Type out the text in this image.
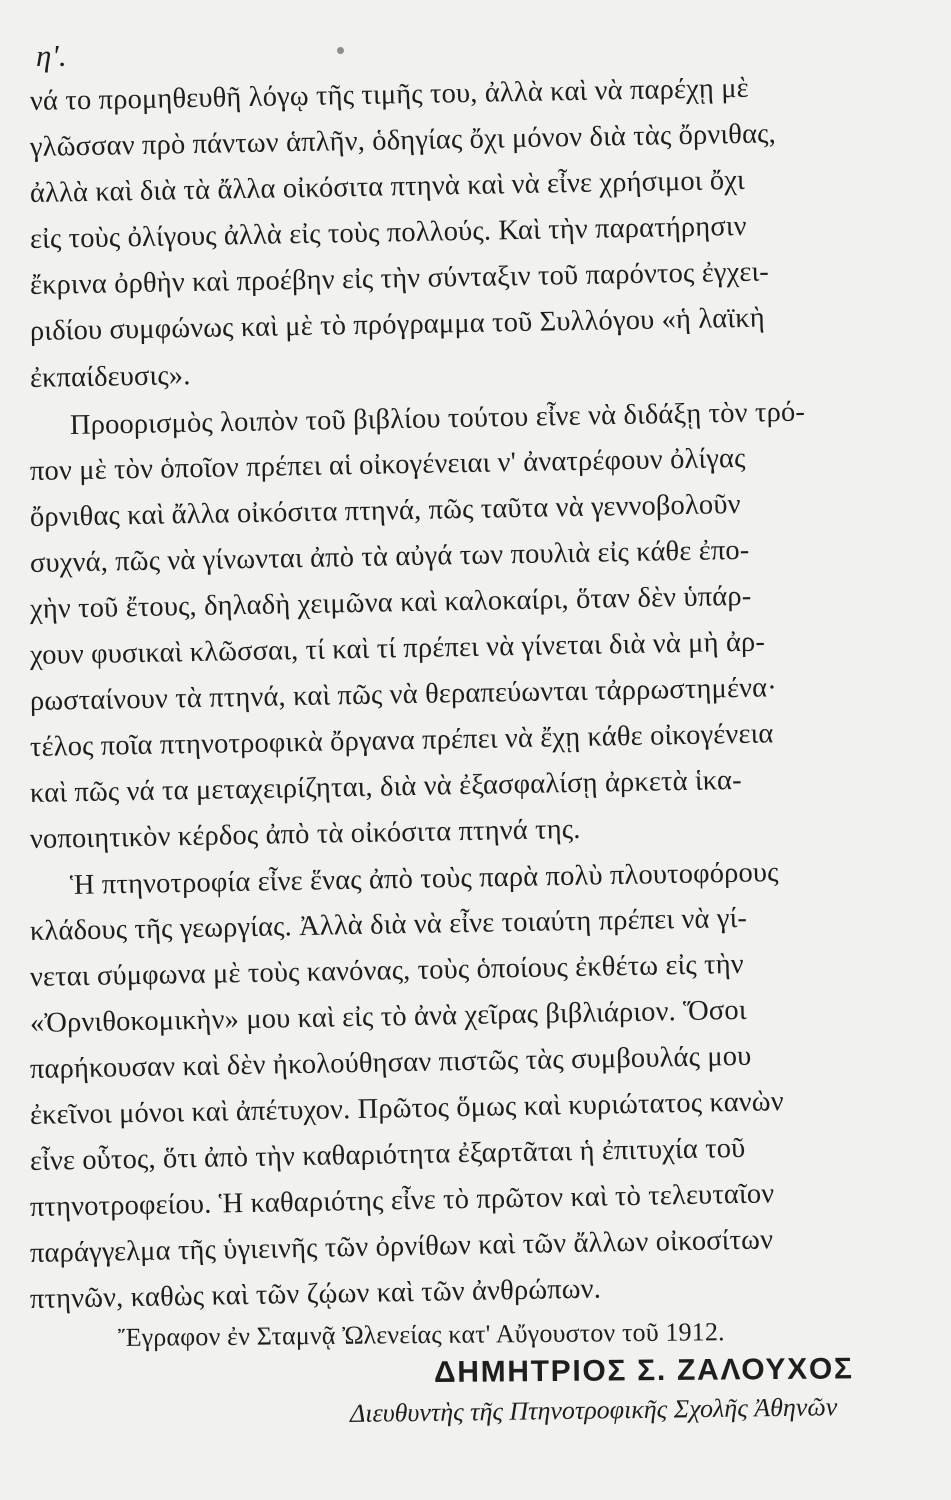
η'.
νά το προμηθευθῆ λόγῳ τῆς τιμῆς του, ἀλλὰ καὶ νὰ παρέχῃ μὲ
γλῶσσαν πρὸ πάντων ἁπλῆν, ὁδηγίας ὄχι μόνον διὰ τὰς ὄρνιθας,
ἀλλὰ καὶ διὰ τὰ ἄλλα οἰκόσιτα πτηνὰ καὶ νὰ εἶνε χρήσιμοι ὄχι
εἰς τοὺς ὀλίγους ἀλλὰ εἰς τοὺς πολλούς. Καὶ τὴν παρατήρησιν
ἔκρινα ὀρθὴν καὶ προέβην εἰς τὴν σύνταξιν τοῦ παρόντος ἐγχει-
ριδίου συμφώνως καὶ μὲ τὸ πρόγραμμα τοῦ Συλλόγου «ἡ λαϊκὴ
ἐκπαίδευσις».
Προορισμὸς λοιπὸν τοῦ βιβλίου τούτου εἶνε νὰ διδάξῃ τὸν τρό-
πον μὲ τὸν ὁποῖον πρέπει αἱ οἰκογένειαι ν' ἀνατρέφουν ὀλίγας
ὄρνιθας καὶ ἄλλα οἰκόσιτα πτηνά, πῶς ταῦτα νὰ γεννοβολοῦν
συχνά, πῶς νὰ γίνωνται ἀπὸ τὰ αὐγά των πουλιὰ εἰς κάθε ἐπο-
χὴν τοῦ ἔτους, δηλαδὴ χειμῶνα καὶ καλοκαίρι, ὅταν δὲν ὑπάρ-
χουν φυσικαὶ κλῶσσαι, τί καὶ τί πρέπει νὰ γίνεται διὰ νὰ μὴ ἀρ-
ρωσταίνουν τὰ πτηνά, καὶ πῶς νὰ θεραπεύωνται τἀρρωστημένα·
τέλος ποῖα πτηνοτροφικὰ ὄργανα πρέπει νὰ ἔχῃ κάθε οἰκογένεια
καὶ πῶς νά τα μεταχειρίζηται, διὰ νὰ ἐξασφαλίσῃ ἀρκετὰ ἱκα-
νοποιητικὸν κέρδος ἀπὸ τὰ οἰκόσιτα πτηνά της.
Ἡ πτηνοτροφία εἶνε ἕνας ἀπὸ τοὺς παρὰ πολὺ πλουτοφόρους
κλάδους τῆς γεωργίας. Ἀλλὰ διὰ νὰ εἶνε τοιαύτη πρέπει νὰ γί-
νεται σύμφωνα μὲ τοὺς κανόνας, τοὺς ὁποίους ἐκθέτω εἰς τὴν
«Ὀρνιθοκομικὴν» μου καὶ εἰς τὸ ἀνὰ χεῖρας βιβλιάριον. Ὅσοι
παρήκουσαν καὶ δὲν ἠκολούθησαν πιστῶς τὰς συμβουλάς μου
ἐκεῖνοι μόνοι καὶ ἀπέτυχον. Πρῶτος ὅμως καὶ κυριώτατος κανὼν
εἶνε οὗτος, ὅτι ἀπὸ τὴν καθαριότητα ἐξαρτᾶται ἡ ἐπιτυχία τοῦ
πτηνοτροφείου. Ἡ καθαριότης εἶνε τὸ πρῶτον καὶ τὸ τελευταῖον
παράγγελμα τῆς ὑγιεινῆς τῶν ὀρνίθων καὶ τῶν ἄλλων οἰκοσίτων
πτηνῶν, καθὼς καὶ τῶν ζῴων καὶ τῶν ἀνθρώπων.
Ἔγραφον ἐν Σταμνᾷ Ὠλενείας κατ' Αὔγουστον τοῦ 1912.
ΔΗΜΗΤΡΙΟΣ Σ. ΖΑΛΟΥΧΟΣ
Διευθυντὴς τῆς Πτηνοτροφικῆς Σχολῆς Ἀθηνῶν
